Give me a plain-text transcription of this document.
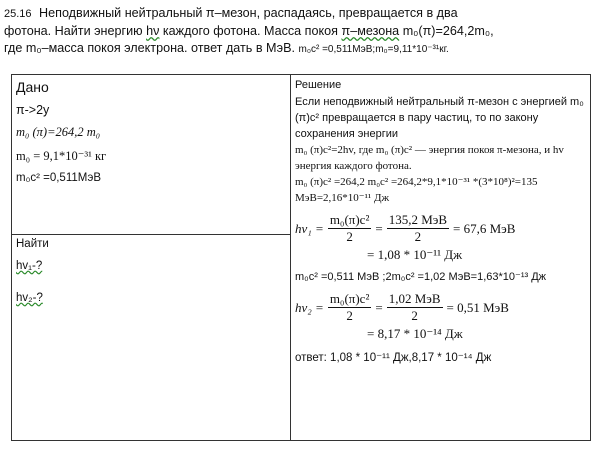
25.16 Неподвижный нейтральный π–мезон, распадаясь, превращается в два
фотона. Найти энергию hν каждого фотона. Масса покоя π–мезона m₀(π)=264,2m₀,
где m₀–масса покоя электрона. ответ дать в МэВ. m₀c² =0,511МэВ;m₀=9,11*10⁻³¹кг.
Дано
π->2y
m₀ (π)=264,2 m₀
m₀ = 9,1*10⁻³¹ кг
m₀c² =0,511МэВ

Решение

Если неподвижный нейтральный π-мезон с энергией m₀ (π)c² превращается в пару частиц, то по закону сохранения энергии

m₀ (π)c²=2hv, где m₀ (π)c² — энергия покоя π-мезона, и hv энергия каждого фотона.

m₀ (π)c² =264,2 m₀c² =264,2*9,1*10⁻³¹ *(3*10⁸)²=135 МэВ=2,16*10⁻¹¹ Дж

$hv_1 = \frac{\text{m₀(π)c²}}{2} = \frac{\text{135,2 МэВ}}{2} = 67,6$ МэВ
= 1,08 * 10⁻¹¹ Дж

m₀c² =0,511 МэВ ;2m₀c² =1,02 МэВ=1,63*10⁻¹³ Дж

$hv_2 = \frac{\text{m₀(π)c²}}{2} = \frac{\text{1,02 МэВ}}{2} = 0,51$ МэВ
= 8,17 * 10⁻¹⁴ Дж
ответ: 1,08 * 10⁻¹¹ Дж,8,17 * 10⁻¹⁴ Дж

Найти
hv₁-?
hv₂-?
